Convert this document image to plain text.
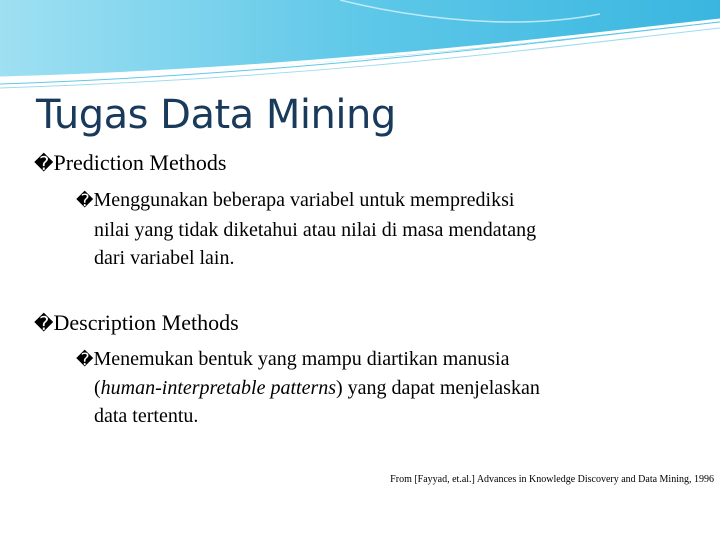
Tugas Data Mining
�Prediction Methods
�Menggunakan beberapa variabel untuk memprediksi
nilai yang tidak diketahui atau nilai di masa mendatang
dari variabel lain.
�Description Methods
�Menemukan bentuk yang mampu diartikan manusia
(human-interpretable patterns) yang dapat menjelaskan
data tertentu.
From [Fayyad, et.al.] Advances in Knowledge Discovery and Data Mining, 1996
